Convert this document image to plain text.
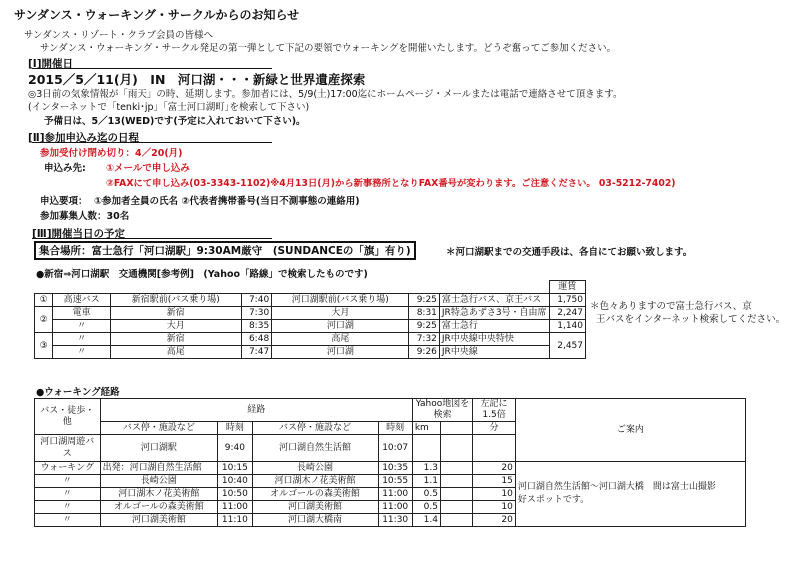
サンダンス・ウォーキング・サークルからのお知らせ
サンダンス・リゾート・クラブ会員の皆様へ
サンダンス・ウォーキング・サークル発足の第一弾として下記の要領でウォーキングを開催いたします。どうぞ奮ってご参加ください。
[Ⅰ]開催日
2015／5／11(月)　IN　河口湖・・・新緑と世界遺産探索
◎3日前の気象情報が「雨天」の時、延期します。参加者には、5/9(土)17:00迄にホームページ・メールまたは電話で連絡させて頂きます。
(インターネットで「tenki･jp」｢富士河口湖町｣を検索して下さい)
予備日は、5／13(WED)です(予定に入れておいて下さい)。
[Ⅱ]参加申込み迄の日程
参加受付け閉め切り：4／20(月)
申込み先: ①メールで申し込み
②FAXにて申し込み(03-3343-1102)※4月13日(月)から新事務所となりFAX番号が変わります。ご注意ください。 03-5212-7402)
申込要項： ①参加者全員の氏名 ②代表者携帯番号(当日不測事態の連絡用)
参加募集人数：30名
[Ⅲ]開催当日の予定
集合場所：富士急行「河口湖駅」9:30AM厳守　(SUNDANCEの「旗」有り)	＊河口湖駅までの交通手段は、各自にてお願い致します。
●新宿⇒河口湖駅　交通機関[参考例]　(Yahoo「路線」で検索したものです)
							運賃
①	高速バス	新宿駅前(バス乗り場)	7:40	河口湖駅前(バス乗り場)	9:25	富士急行バス、京王バス	1,750
②	電車	新宿	7:30	大月	8:31	JR特急あずさ3号・自由席	2,247
	〃	大月	8:35	河口湖	9:25	富士急行	1,140
③	〃	新宿	6:48	高尾	7:32	JR中央線中央特快	2,457
	〃	高尾	7:47	河口湖	9:26	JR中央線	
＊色々ありますので富士急行バス、京
王バスをインターネット検索してください。
●ウォーキング経路
バス・徒歩・他	経路				Yahoo地図を検索		左記に1.5倍	ご案内
	バス停・施設など	時刻	バス停・施設など	時刻	km		分	
河口湖周遊バス	河口湖駅	9:40	河口湖自然生活館	10:07				
ウォーキング	出発：河口湖自然生活館	10:15	長崎公園	10:35	1.3		20	河口湖自然生活館～河口湖大橋　間は富士山撮影
好スポットです。
〃	長崎公園	10:40	河口湖木ノ花美術館	10:55	1.1		15	
〃	河口湖木ノ花美術館	10:50	オルゴールの森美術館	11:00	0.5		10	
〃	オルゴールの森美術館	11:00	河口湖美術館	11:00	0.5		10	
〃	河口湖美術館	11:10	河口湖大橋南	11:30	1.4		20	
